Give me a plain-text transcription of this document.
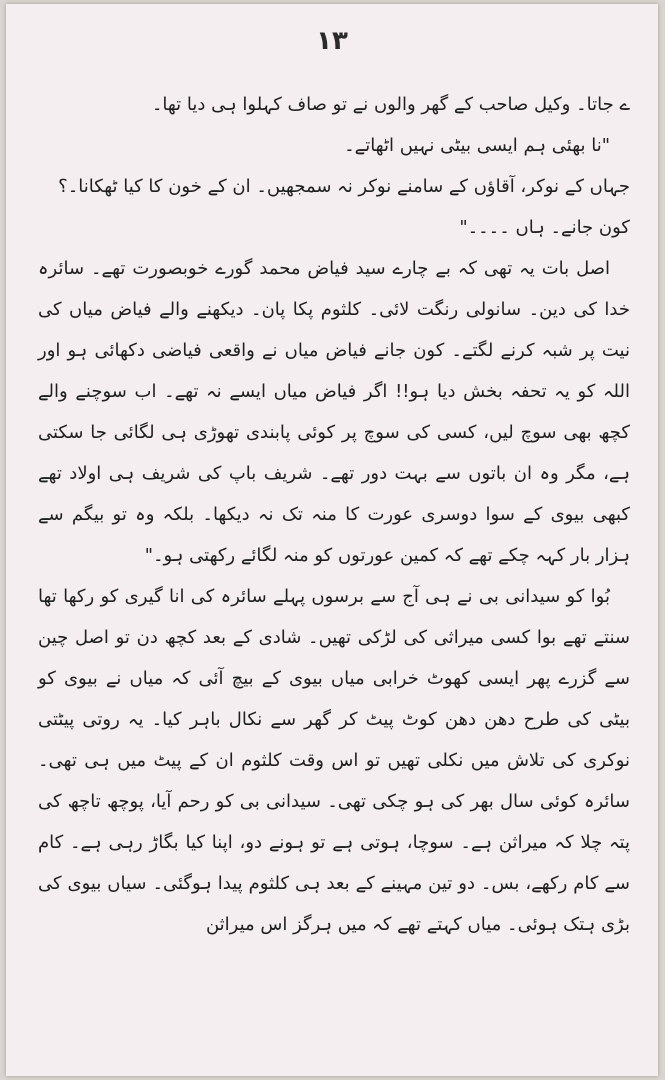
۱۳

ے جاتا۔ وکیل صاحب کے گھر والوں نے تو صاف کہلوا ہی دیا تھا۔

"نا بھئی ہم ایسی بیٹی نہیں اٹھاتے۔

جہاں کے نوکر، آقاؤں کے سامنے نوکر نہ سمجھیں۔ ان کے خون کا کیا ٹھکانا۔؟

کون جانے۔ ہاں ۔۔۔۔"

اصل بات یہ تھی کہ بے چارے سید فیاض محمد گورے خوبصورت تھے۔ سائرہ خدا کی دین۔ سانولی رنگت لائی۔ کلثوم پکا پان۔ دیکھنے والے فیاض میاں کی نیت پر شبہ کرنے لگتے۔ کون جانے فیاض میاں نے واقعی فیاضی دکھائی ہو اور اللہ کو یہ تحفہ بخش دیا ہو!! اگر فیاض میاں ایسے نہ تھے۔ اب سوچنے والے کچھ بھی سوچ لیں، کسی کی سوچ پر کوئی پابندی تھوڑی ہی لگائی جا سکتی ہے، مگر وہ ان باتوں سے بہت دور تھے۔ شریف باپ کی شریف ہی اولاد تھے کبھی بیوی کے سوا دوسری عورت کا منہ تک نہ دیکھا۔ بلکہ وہ تو بیگم سے ہزار بار کہہ چکے تھے کہ کمین عورتوں کو منہ لگائے رکھتی ہو۔"

بُوا کو سیدانی بی نے ہی آج سے برسوں پہلے سائرہ کی انا گیری کو رکھا تھا سنتے تھے بوا کسی میراثی کی لڑکی تھیں۔ شادی کے بعد کچھ دن تو اصل چین سے گزرے پھر ایسی کھوٹ خرابی میاں بیوی کے بیچ آئی کہ میاں نے بیوی کو بیٹی کی طرح دھن دھن کوٹ پیٹ کر گھر سے نکال باہر کیا۔ یہ روتی پیٹتی نوکری کی تلاش میں نکلی تھیں تو اس وقت کلثوم ان کے پیٹ میں ہی تھی۔ سائرہ کوئی سال بھر کی ہو چکی تھی۔ سیدانی بی کو رحم آیا، پوچھ تاچھ کی پتہ چلا کہ میراثن ہے۔ سوچا، ہوتی ہے تو ہونے دو، اپنا کیا بگاڑ رہی ہے۔ کام سے کام رکھے، بس۔ دو تین مہینے کے بعد ہی کلثوم پیدا ہوگئی۔ سیاں بیوی کی بڑی ہتک ہوئی۔ میاں کہتے تھے کہ میں ہرگز اس میراثن
